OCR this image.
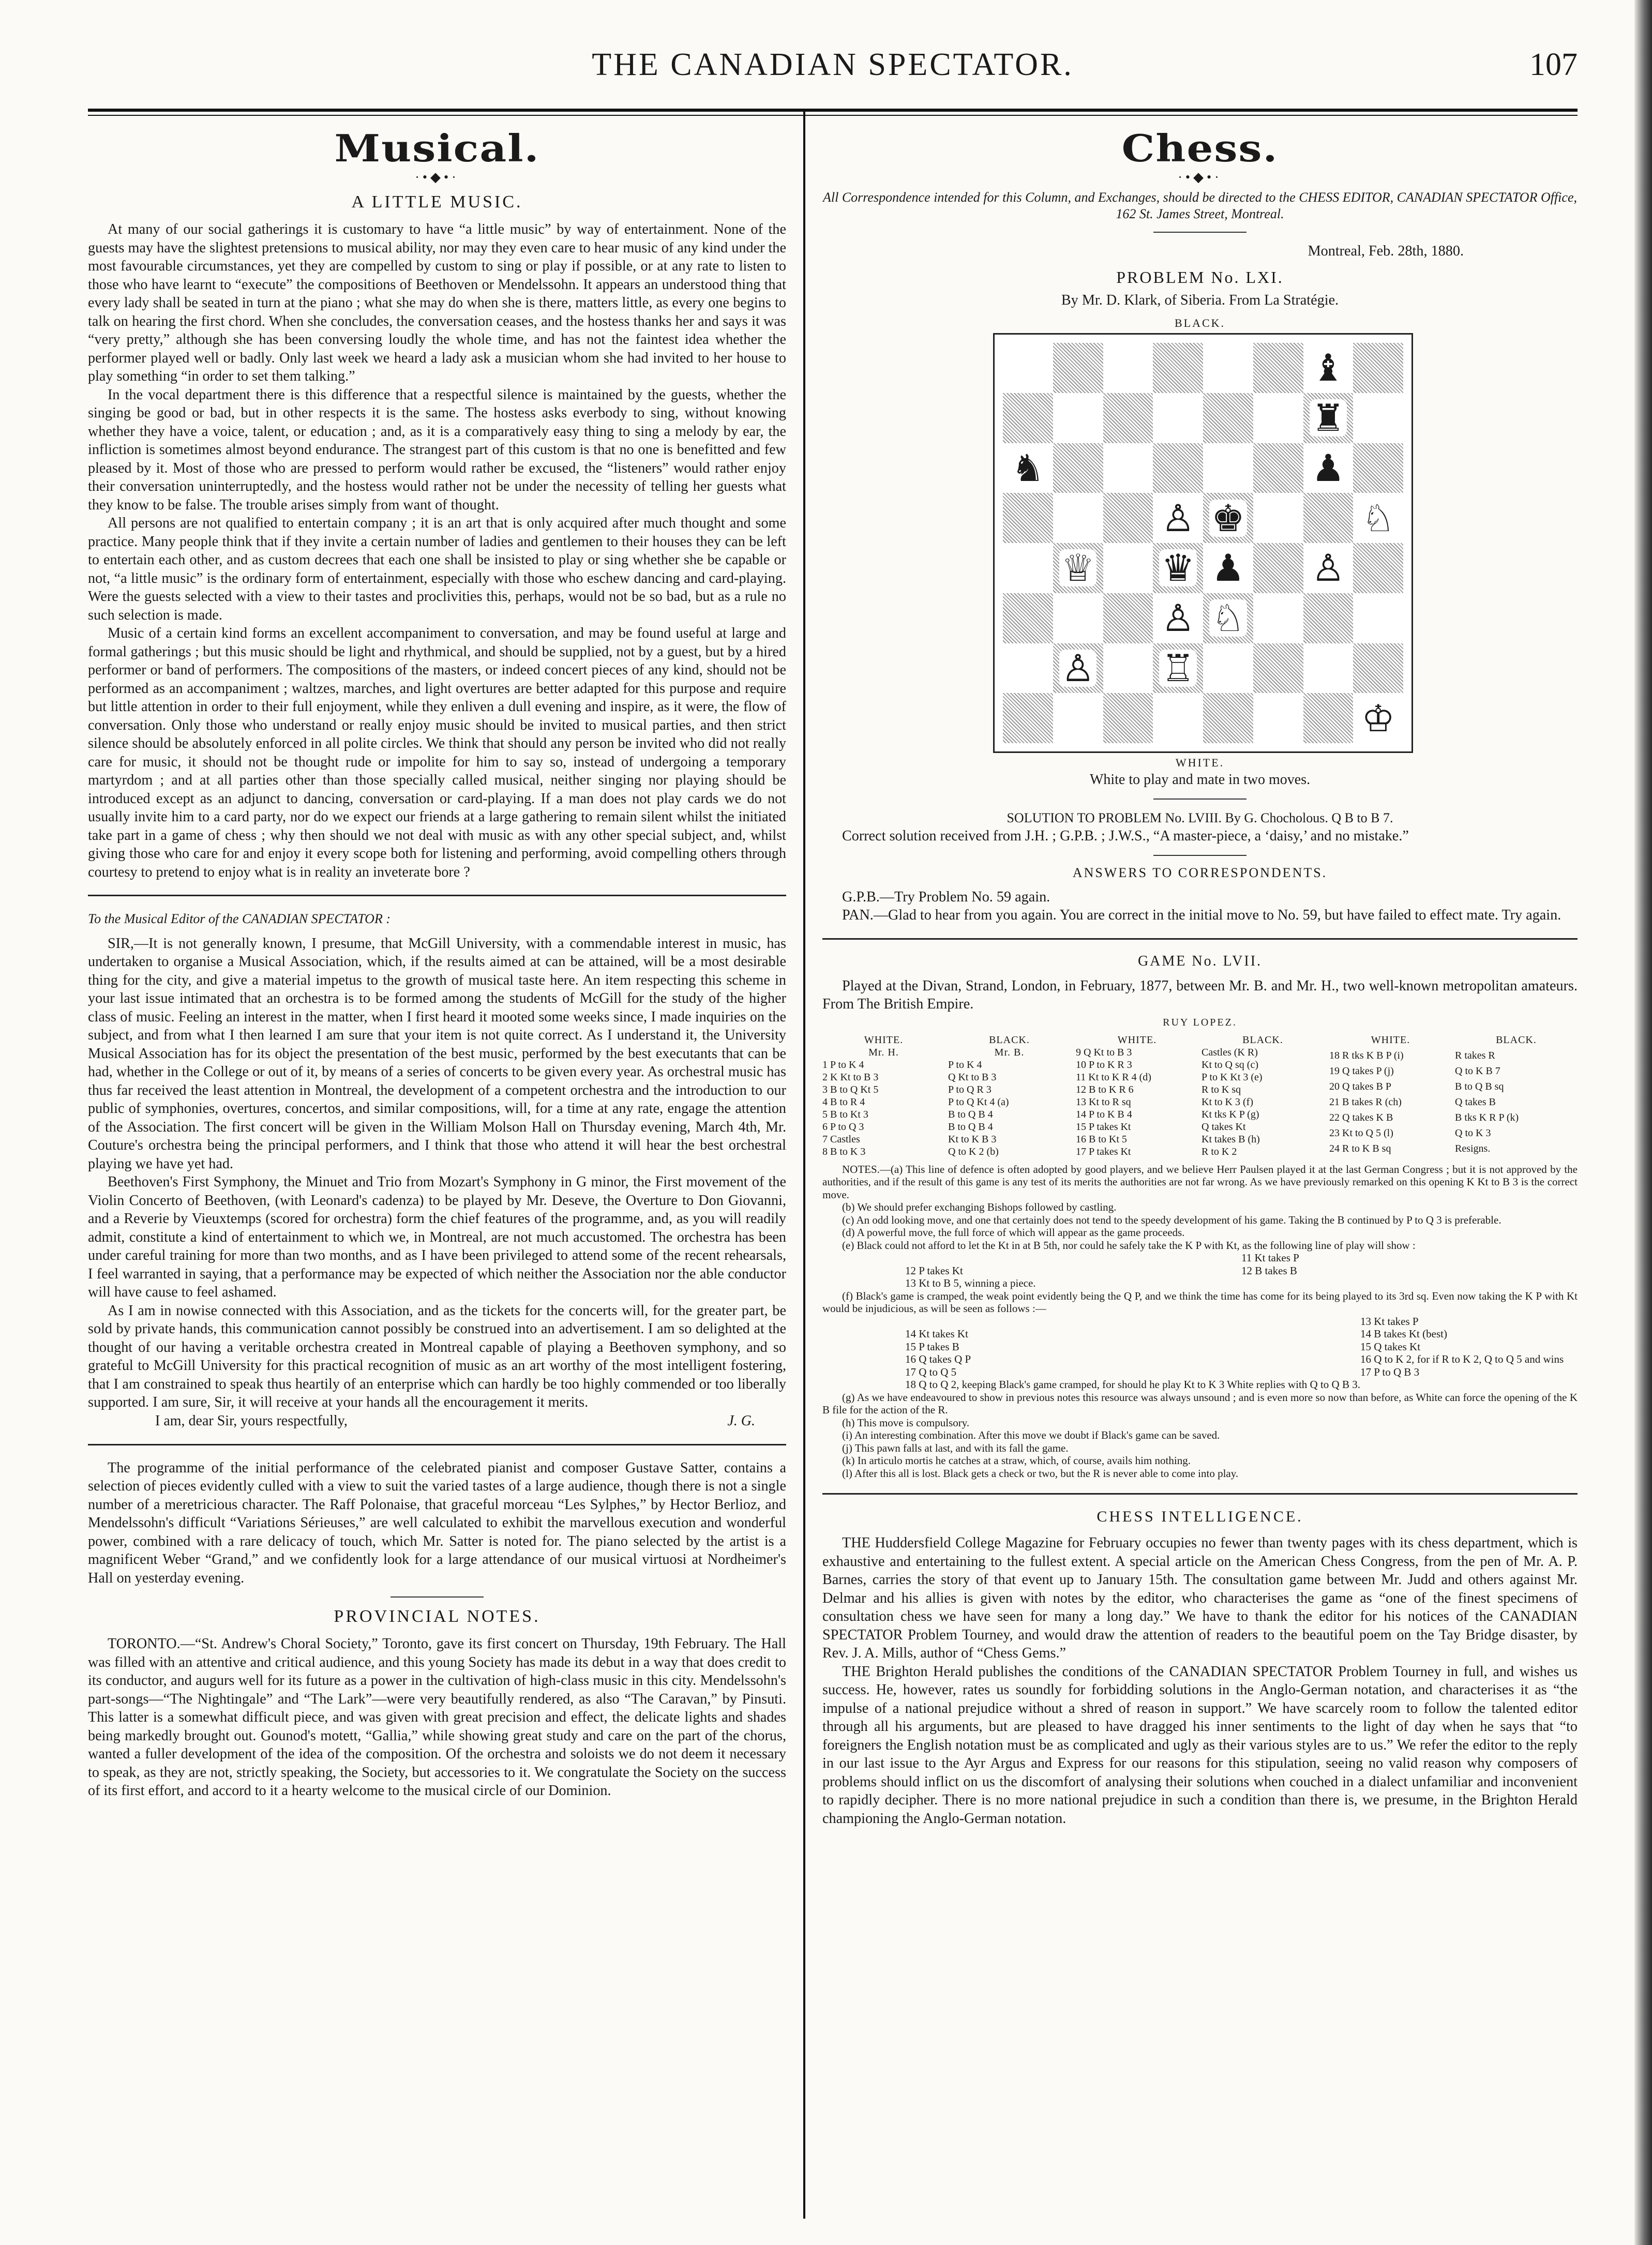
THE CANADIAN SPECTATOR.	107
Musical.
·•◆•·
A LITTLE MUSIC.

At many of our social gatherings it is customary to have “a little music” by way of entertainment. None of the guests may have the slightest pretensions to musical ability, nor may they even care to hear music of any kind under the most favourable circumstances, yet they are compelled by custom to sing or play if possible, or at any rate to listen to those who have learnt to “execute” the compositions of Beethoven or Mendelssohn. It appears an understood thing that every lady shall be seated in turn at the piano ; what she may do when she is there, matters little, as every one begins to talk on hearing the first chord. When she concludes, the conversation ceases, and the hostess thanks her and says it was “very pretty,” although she has been conversing loudly the whole time, and has not the faintest idea whether the performer played well or badly. Only last week we heard a lady ask a musician whom she had invited to her house to play something “in order to set them talking.”

In the vocal department there is this difference that a respectful silence is maintained by the guests, whether the singing be good or bad, but in other respects it is the same. The hostess asks everbody to sing, without knowing whether they have a voice, talent, or education ; and, as it is a comparatively easy thing to sing a melody by ear, the infliction is sometimes almost beyond endurance. The strangest part of this custom is that no one is benefitted and few pleased by it. Most of those who are pressed to perform would rather be excused, the “listeners” would rather enjoy their conversation uninterruptedly, and the hostess would rather not be under the necessity of telling her guests what they know to be false. The trouble arises simply from want of thought.

All persons are not qualified to entertain company ; it is an art that is only acquired after much thought and some practice. Many people think that if they invite a certain number of ladies and gentlemen to their houses they can be left to entertain each other, and as custom decrees that each one shall be insisted to play or sing whether she be capable or not, “a little music” is the ordinary form of entertainment, especially with those who eschew dancing and card-playing. Were the guests selected with a view to their tastes and proclivities this, perhaps, would not be so bad, but as a rule no such selection is made.

Music of a certain kind forms an excellent accompaniment to conversation, and may be found useful at large and formal gatherings ; but this music should be light and rhythmical, and should be supplied, not by a guest, but by a hired performer or band of performers. The compositions of the masters, or indeed concert pieces of any kind, should not be performed as an accompaniment ; waltzes, marches, and light overtures are better adapted for this purpose and require but little attention in order to their full enjoyment, while they enliven a dull evening and inspire, as it were, the flow of conversation. Only those who understand or really enjoy music should be invited to musical parties, and then strict silence should be absolutely enforced in all polite circles. We think that should any person be invited who did not really care for music, it should not be thought rude or impolite for him to say so, instead of undergoing a temporary martyrdom ; and at all parties other than those specially called musical, neither singing nor playing should be introduced except as an adjunct to dancing, conversation or card-playing. If a man does not play cards we do not usually invite him to a card party, nor do we expect our friends at a large gathering to remain silent whilst the initiated take part in a game of chess ; why then should we not deal with music as with any other special subject, and, whilst giving those who care for and enjoy it every scope both for listening and performing, avoid compelling others through courtesy to pretend to enjoy what is in reality an inveterate bore ?

To the Musical Editor of the CANADIAN SPECTATOR :

SIR,—It is not generally known, I presume, that McGill University, with a commendable interest in music, has undertaken to organise a Musical Association, which, if the results aimed at can be attained, will be a most desirable thing for the city, and give a material impetus to the growth of musical taste here. An item respecting this scheme in your last issue intimated that an orchestra is to be formed among the students of McGill for the study of the higher class of music. Feeling an interest in the matter, when I first heard it mooted some weeks since, I made inquiries on the subject, and from what I then learned I am sure that your item is not quite correct. As I understand it, the University Musical Association has for its object the presentation of the best music, performed by the best executants that can be had, whether in the College or out of it, by means of a series of concerts to be given every year. As orchestral music has thus far received the least attention in Montreal, the development of a competent orchestra and the introduction to our public of symphonies, overtures, concertos, and similar compositions, will, for a time at any rate, engage the attention of the Association. The first concert will be given in the William Molson Hall on Thursday evening, March 4th, Mr. Couture's orchestra being the principal performers, and I think that those who attend it will hear the best orchestral playing we have yet had.

Beethoven's First Symphony, the Minuet and Trio from Mozart's Symphony in G minor, the First movement of the Violin Concerto of Beethoven, (with Leonard's cadenza) to be played by Mr. Deseve, the Overture to Don Giovanni, and a Reverie by Vieuxtemps (scored for orchestra) form the chief features of the programme, and, as you will readily admit, constitute a kind of entertainment to which we, in Montreal, are not much accustomed. The orchestra has been under careful training for more than two months, and as I have been privileged to attend some of the recent rehearsals, I feel warranted in saying, that a performance may be expected of which neither the Association nor the able conductor will have cause to feel ashamed.

As I am in nowise connected with this Association, and as the tickets for the concerts will, for the greater part, be sold by private hands, this communication cannot possibly be construed into an advertisement. I am so delighted at the thought of our having a veritable orchestra created in Montreal capable of playing a Beethoven symphony, and so grateful to McGill University for this practical recognition of music as an art worthy of the most intelligent fostering, that I am constrained to speak thus heartily of an enterprise which can hardly be too highly commended or too liberally supported. I am sure, Sir, it will receive at your hands all the encouragement it merits.

I am, dear Sir, yours respectfully,	J. G.

The programme of the initial performance of the celebrated pianist and composer Gustave Satter, contains a selection of pieces evidently culled with a view to suit the varied tastes of a large audience, though there is not a single number of a meretricious character. The Raff Polonaise, that graceful morceau “Les Sylphes,” by Hector Berlioz, and Mendelssohn's difficult “Variations Sérieuses,” are well calculated to exhibit the marvellous execution and wonderful power, combined with a rare delicacy of touch, which Mr. Satter is noted for. The piano selected by the artist is a magnificent Weber “Grand,” and we confidently look for a large attendance of our musical virtuosi at Nordheimer's Hall on yesterday evening.

PROVINCIAL NOTES.

TORONTO.—“St. Andrew's Choral Society,” Toronto, gave its first concert on Thursday, 19th February. The Hall was filled with an attentive and critical audience, and this young Society has made its debut in a way that does credit to its conductor, and augurs well for its future as a power in the cultivation of high-class music in this city. Mendelssohn's part-songs—“The Nightingale” and “The Lark”—were very beautifully rendered, as also “The Caravan,” by Pinsuti. This latter is a somewhat difficult piece, and was given with great precision and effect, the delicate lights and shades being markedly brought out. Gounod's motett, “Gallia,” while showing great study and care on the part of the chorus, wanted a fuller development of the idea of the composition. Of the orchestra and soloists we do not deem it necessary to speak, as they are not, strictly speaking, the Society, but accessories to it. We congratulate the Society on the success of its first effort, and accord to it a hearty welcome to the musical circle of our Dominion.

Chess.
·•◆•·

All Correspondence intended for this Column, and Exchanges, should be directed to the CHESS EDITOR, CANADIAN SPECTATOR Office, 162 St. James Street, Montreal.

Montreal, Feb. 28th, 1880.

PROBLEM No. LXI.

By Mr. D. Klark, of Siberia. From La Stratégie.

BLACK.
♝
♜
♞	♟
♙ ♚	♘
♕ ♛ ♟ ♙
♙ ♘
♙ ♖
♔
WHITE.

White to play and mate in two moves.

SOLUTION TO PROBLEM No. LVIII. By G. Chocholous. Q B to B 7.

Correct solution received from J.H. ; G.P.B. ; J.W.S., “A master-piece, a ‘daisy,’ and no mistake.”

ANSWERS TO CORRESPONDENTS.

G.P.B.—Try Problem No. 59 again.

PAN.—Glad to hear from you again. You are correct in the initial move to No. 59, but have failed to effect mate. Try again.

GAME No. LVII.

Played at the Divan, Strand, London, in February, 1877, between Mr. B. and Mr. H., two well-known metropolitan amateurs. From The British Empire.

RUY LOPEZ.
WHITE.	BLACK.
Mr. H.	Mr. B.
1 P to K 4	P to K 4
2 K Kt to B 3	Q Kt to B 3
3 B to Q Kt 5	P to Q R 3
4 B to R 4	P to Q Kt 4 (a)
5 B to Kt 3	B to Q B 4
6 P to Q 3	B to Q B 4
7 Castles	Kt to K B 3
8 B to K 3	Q to K 2 (b)
WHITE.	BLACK.
9 Q Kt to B 3	Castles (K R)
10 P to K R 3	Kt to Q sq (c)
11 Kt to K R 4 (d)	P to K Kt 3 (e)
12 B to K R 6	R to K sq
13 Kt to R sq	Kt to K 3 (f)
14 P to K B 4	Kt tks K P (g)
15 P takes Kt	Q takes Kt
16 B to Kt 5	Kt takes B (h)
17 P takes Kt	R to K 2
WHITE.	BLACK.
18 R tks K B P (i)	R takes R
19 Q takes P (j)	Q to K B 7
20 Q takes B P	B to Q B sq
21 B takes R (ch)	Q takes B
22 Q takes K B	B tks K R P (k)
23 Kt to Q 5 (l)	Q to K 3
24 R to K B sq	Resigns.

NOTES.—(a) This line of defence is often adopted by good players, and we believe Herr Paulsen played it at the last German Congress ; but it is not approved by the authorities, and if the result of this game is any test of its merits the authorities are not far wrong. As we have previously remarked on this opening K Kt to B 3 is the correct move.

(b) We should prefer exchanging Bishops followed by castling.

(c) An odd looking move, and one that certainly does not tend to the speedy development of his game. Taking the B continued by P to Q 3 is preferable.

(d) A powerful move, the full force of which will appear as the game proceeds.

(e) Black could not afford to let the Kt in at B 5th, nor could he safely take the K P with Kt, as the following line of play will show :

11 Kt takes P
12 P takes Kt	12 B takes B
13 Kt to B 5, winning a piece.

(f) Black's game is cramped, the weak point evidently being the Q P, and we think the time has come for its being played to its 3rd sq. Even now taking the K P with Kt would be injudicious, as will be seen as follows :—

13 Kt takes P
14 Kt takes Kt	14 B takes Kt (best)
15 P takes B	15 Q takes Kt
16 Q takes Q P	16 Q to K 2, for if R to K 2, Q to Q 5 and wins
17 Q to Q 5	17 P to Q B 3
18 Q to Q 2, keeping Black's game cramped, for should he play Kt to K 3 White replies with Q to Q B 3.

(g) As we have endeavoured to show in previous notes this resource was always unsound ; and is even more so now than before, as White can force the opening of the K B file for the action of the R.

(h) This move is compulsory.

(i) An interesting combination. After this move we doubt if Black's game can be saved.

(j) This pawn falls at last, and with its fall the game.

(k) In articulo mortis he catches at a straw, which, of course, avails him nothing.

(l) After this all is lost. Black gets a check or two, but the R is never able to come into play.

CHESS INTELLIGENCE.

THE Huddersfield College Magazine for February occupies no fewer than twenty pages with its chess department, which is exhaustive and entertaining to the fullest extent. A special article on the American Chess Congress, from the pen of Mr. A. P. Barnes, carries the story of that event up to January 15th. The consultation game between Mr. Judd and others against Mr. Delmar and his allies is given with notes by the editor, who characterises the game as “one of the finest specimens of consultation chess we have seen for many a long day.” We have to thank the editor for his notices of the CANADIAN SPECTATOR Problem Tourney, and would draw the attention of readers to the beautiful poem on the Tay Bridge disaster, by Rev. J. A. Mills, author of “Chess Gems.”

THE Brighton Herald publishes the conditions of the CANADIAN SPECTATOR Problem Tourney in full, and wishes us success. He, however, rates us soundly for forbidding solutions in the Anglo-German notation, and characterises it as “the impulse of a national prejudice without a shred of reason in support.” We have scarcely room to follow the talented editor through all his arguments, but are pleased to have dragged his inner sentiments to the light of day when he says that “to foreigners the English notation must be as complicated and ugly as their various styles are to us.” We refer the editor to the reply in our last issue to the Ayr Argus and Express for our reasons for this stipulation, seeing no valid reason why composers of problems should inflict on us the discomfort of analysing their solutions when couched in a dialect unfamiliar and inconvenient to rapidly decipher. There is no more national prejudice in such a condition than there is, we presume, in the Brighton Herald championing the Anglo-German notation.
